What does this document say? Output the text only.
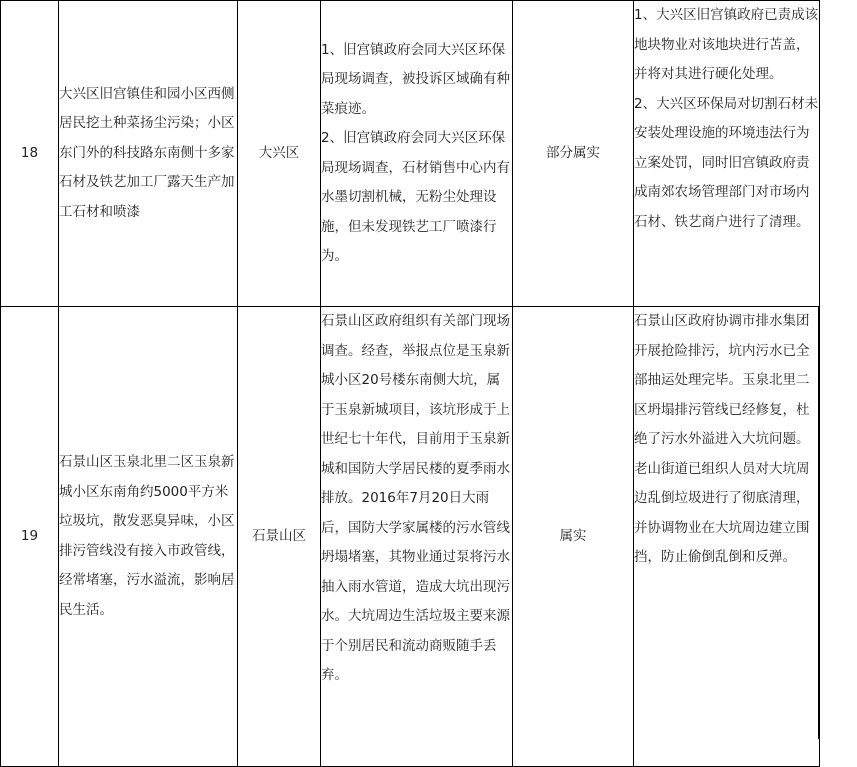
18	大兴区旧宫镇佳和园小区西侧居民挖土种菜扬尘污染；小区东门外的科技路东南侧十多家石材及铁艺加工厂露天生产加工石材和喷漆	大兴区	1、旧宫镇政府会同大兴区环保局现场调查，被投诉区域确有种菜痕迹。
2、旧宫镇政府会同大兴区环保局现场调查，石材销售中心内有水墨切割机械，无粉尘处理设施，但未发现铁艺工厂喷漆行为。	部分属实	1、大兴区旧宫镇政府已责成该地块物业对该地块进行苫盖，并将对其进行硬化处理。
2、大兴区环保局对切割石材未安装处理设施的环境违法行为立案处罚，同时旧宫镇政府责成南郊农场管理部门对市场内石材、铁艺商户进行了清理。

19	石景山区玉泉北里二区玉泉新城小区东南角约5000平方米垃圾坑，散发恶臭异味，小区排污管线没有接入市政管线，经常堵塞，污水溢流，影响居民生活。	石景山区	石景山区政府组织有关部门现场调查。经查，举报点位是玉泉新城小区20号楼东南侧大坑，属于玉泉新城项目，该坑形成于上世纪七十年代，目前用于玉泉新城和国防大学居民楼的夏季雨水排放。2016年7月20日大雨后，国防大学家属楼的污水管线坍塌堵塞，其物业通过泵将污水抽入雨水管道，造成大坑出现污水。大坑周边生活垃圾主要来源于个别居民和流动商贩随手丢弃。	属实	石景山区政府协调市排水集团开展抢险排污，坑内污水已全部抽运处理完毕。玉泉北里二区坍塌排污管线已经修复，杜绝了污水外溢进入大坑问题。老山街道已组织人员对大坑周边乱倒垃圾进行了彻底清理，并协调物业在大坑周边建立围挡，防止偷倒乱倒和反弹。
